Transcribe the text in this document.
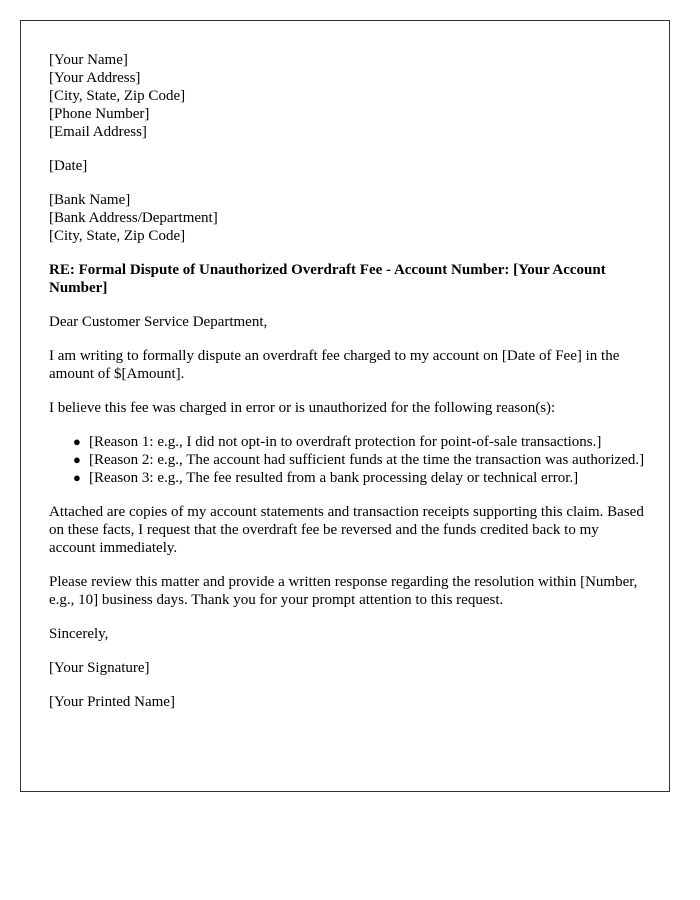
[Your Name]
[Your Address]
[City, State, Zip Code]
[Phone Number]
[Email Address]

[Date]

[Bank Name]
[Bank Address/Department]
[City, State, Zip Code]

RE: Formal Dispute of Unauthorized Overdraft Fee - Account Number: [Your Account Number]

Dear Customer Service Department,

I am writing to formally dispute an overdraft fee charged to my account on [Date of Fee] in the amount of $[Amount].

I believe this fee was charged in error or is unauthorized for the following reason(s):

● [Reason 1: e.g., I did not opt-in to overdraft protection for point-of-sale transactions.]
● [Reason 2: e.g., The account had sufficient funds at the time the transaction was authorized.]
● [Reason 3: e.g., The fee resulted from a bank processing delay or technical error.]

Attached are copies of my account statements and transaction receipts supporting this claim. Based on these facts, I request that the overdraft fee be reversed and the funds credited back to my account immediately.

Please review this matter and provide a written response regarding the resolution within [Number, e.g., 10] business days. Thank you for your prompt attention to this request.

Sincerely,

[Your Signature]

[Your Printed Name]
